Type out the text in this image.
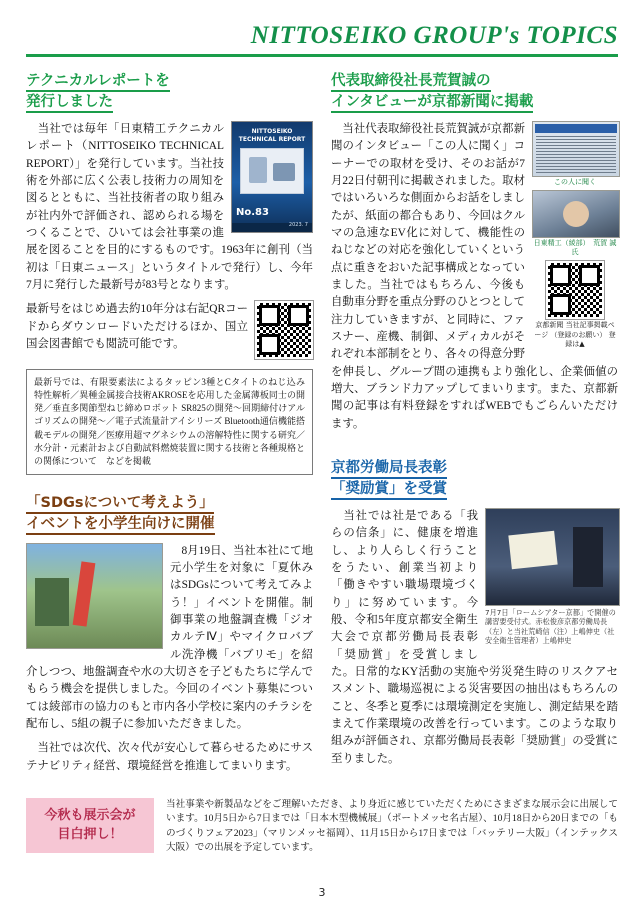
NITTOSEIKO GROUP's TOPICS
テクニカルレポートを
発行しました
NITTOSEIKO
TECHNICAL REPORT
No.83
2023. 7

　当社では毎年「日東精工テクニカルレポート（NITTOSEIKO TECHNICAL REPORT）」を発行しています。当社技術を外部に広く公表し技術力の周知を図るとともに、当社技術者の取り組みが社内外で評価され、認められる場をつくることで、ひいては会社事業の進展を図ることを目的にするものです。1963年に創刊（当初は「日東ニュース」というタイトルで発行）し、今年7月に発行した最新号が83号となります。

最新号をはじめ過去約10年分は右記QRコードからダウンロードいただけるほか、国立国会図書館でも閲読可能です。

最新号では、有限要素法によるタッピン3種とCタイトのねじ込み特性解析／異種金属接合技術AKROSEを応用した金属薄板同士の開発／垂直多関節型ねじ締めロボット SR825の開発～回期締付けアルゴリズムの開発～／電子式流量計アイシリーズ Bluetooth通信機能搭載モデルの開発／医療用超マグネシウムの溶解特性に関する研究／水分計・元素計および自動試料燃焼装置に関する技術と各種規格との関係について　などを掲載
「SDGsについて考えよう」
イベントを小学生向けに開催

　8月19日、当社本社にて地元小学生を対象に「夏休みはSDGsについて考えてみよう！」イベントを開催。制御事業の地盤調査機「ジオカルテⅣ」やマイクロバブル洗浄機「バブリモ」を紹介しつつ、地盤調査や水の大切さを子どもたちに学んでもらう機会を提供しました。今回のイベント募集については綾部市の協力のもと市内各小学校に案内のチラシを配布し、5組の親子に参加いただきました。

　当社では次代、次々代が安心して暮らせるためにサステナビリティ経営、環境経営を推進してまいります。

代表取締役社長荒賀誠の
インタビューが京都新聞に掲載
この人に聞く
日東精工（綾部）　荒賀 誠氏
京都新聞 当社記事掲載ページ （登録のお願い） 登録は▲

　当社代表取締役社長荒賀誠が京都新聞のインタビュー「この人に聞く」コーナーでの取材を受け、そのお話が7月22日付朝刊に掲載されました。取材ではいろいろな側面からお話をしましたが、紙面の都合もあり、今回はクルマの急速なEV化に対して、機能性のねじなどの対応を強化していくという点に重きをおいた記事構成となっていました。当社ではもちろん、今後も自動車分野を重点分野のひとつとして注力していきますが、と同時に、ファスナー、産機、制御、メディカルがそれぞれ本部制をとり、各々の得意分野を伸長し、グループ間の連携もより強化し、企業価値の増大、ブランド力アップしてまいります。また、京都新聞の記事は有料登録をすればWEBでもごらんいただけます。

京都労働局長表彰
「奨励賞」を受賞
7月7日「ロームシアター京都」で開催の講習要受付式。赤松俊彦京都労働局長（左）と当社荒崎信（注）上嶋伸史（社安全衛生管理者）上嶋伸史

　当社では社是である「我らの信条」に、健康を増進し、より人らしく行うことをうたい、創業当初より「働きやすい職場環境づくり」に努めています。今般、令和5年度京都安全衛生大会で京都労働局長表彰「奨励賞」を受賞しました。日常的なKY活動の実施や労災発生時のリスクアセスメント、職場巡視による災害要因の抽出はもちろんのこと、冬季と夏季には環境測定を実施し、測定結果を踏まえて作業環境の改善を行っています。このような取り組みが評価され、京都労働局長表彰「奨励賞」の受賞に至りました。

今秋も展示会が
目白押し！
当社事業や新製品などをご理解いただき、より身近に感じていただくためにさまざまな展示会に出展しています。10月5日から7日までは「日本木型機械展」（ポートメッセ名古屋）、10月18日から20日までの「ものづくりフェア2023」（マリンメッセ福岡）、11月15日から17日までは「バッテリー大阪」（インテックス大阪）での出展を予定しています。
3
